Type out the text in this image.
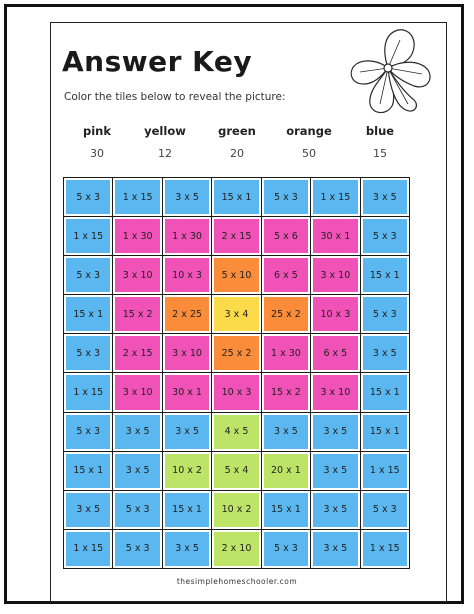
Answer Key
Color the tiles below to reveal the picture:
pink
30
yellow
12
green
20
orange
50
blue
15
5 x 3	1 x 15	3 x 5	15 x 1	5 x 3	1 x 15	3 x 5
1 x 15	1 x 30	1 x 30	2 x 15	5 x 6	30 x 1	5 x 3
5 x 3	3 x 10	10 x 3	5 x 10	6 x 5	3 x 10	15 x 1
15 x 1	15 x 2	2 x 25	3 x 4	25 x 2	10 x 3	5 x 3
5 x 3	2 x 15	3 x 10	25 x 2	1 x 30	6 x 5	3 x 5
1 x 15	3 x 10	30 x 1	10 x 3	15 x 2	3 x 10	15 x 1
5 x 3	3 x 5	3 x 5	4 x 5	3 x 5	3 x 5	15 x 1
15 x 1	3 x 5	10 x 2	5 x 4	20 x 1	3 x 5	1 x 15
3 x 5	5 x 3	15 x 1	10 x 2	15 x 1	3 x 5	5 x 3
1 x 15	5 x 3	3 x 5	2 x 10	5 x 3	3 x 5	1 x 15
thesimplehomeschooler.com
